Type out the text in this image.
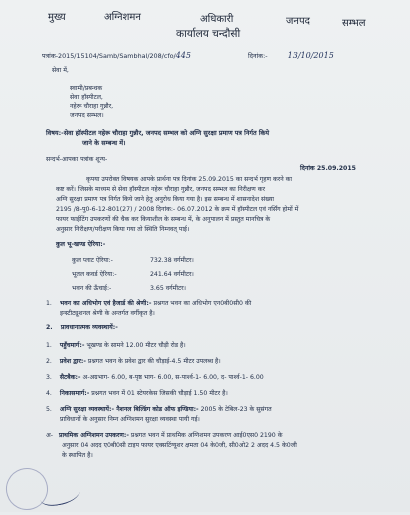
मुख्य	अग्निशमन	अधिकारी	जनपद	सम्भल
कार्यालय चन्दौसी
पत्रांक-2015/15104/Samb/Sambhal/208/cfo/445	दिनांक:-	13/10/2015
सेवा में,
स्वामी/प्रबन्धक
सेवा हॉस्पीटल,
नहेरू चौराहा गुन्नौर,
जनपद सम्भल।
विषय:-सेवा हॉस्पीटल नहेरू चौराहा गुन्नौर, जनपद सम्भल को अग्नि सुरक्षा प्रमाण पत्र निर्गत किये
जाने के सम्बन्ध में।
सन्दर्भ-आपका पत्रांक शून्य-
दिनांक 25.09.2015
कृपया उपरोक्त विषयक आपके प्रार्थना पत्र दिनांक 25.09.2015 का सन्दर्भ गृहण करने का
कष्ट करें। जिसके माध्यम से सेवा हॉस्पीटल नहेरू चौराहा गुन्नौर, जनपद सम्भल का निरीक्षण कर
अग्नि सुरक्षा प्रमाण पत्र निर्गत किये जाने हेतु अनुरोध किया गया है। इस सम्बन्ध में शासनादेश संख्या
2195 /8-पु0-6-12-801(27) / 2008 दिनांक:- 06.07.2012 के क्रम में हॉस्पीटल एवं नर्सिंग होमों में
फायर फाईटिंग उपकरणों की चैक कर कियाशील के सम्बन्ध में, के अनुपालन में प्रस्तुत मानचित्र के
अनुसार निरीक्षण/परीक्षण किया गया तो स्थिति निम्नवत् पाई।
कुल भू-खण्ड ऐरिया:-
कुल प्लाट ऐरिया:-	732.38 वर्गमीटर।
भूतल कवर्ड ऐरिया:-	241.64 वर्गमीटर।
भवन की ऊँचाई:-	3.65 वर्गमीटर।
1. भवन का अधिभोग एवं हैजार्ड की श्रेणी:- प्रश्नगत भवन का अधिभोग एन0बी0सी0 की
इन्स्टीट्यूशनल श्रेणी के अन्तर्गत वर्गीकृत है।
2. प्रावधानात्मक व्यवस्थायें:-
1. पहुँचमार्ग:- भूखण्ड के सामने 12.00 मीटर चौड़ी रोड है।
2. प्रवेश द्वार:- प्रश्नगत भवन के प्रवेश द्वार की चौड़ाई-4.5 मीटर उपलब्ध है।
3. सैटबैक:- अ-अग्रभाग- 6.00, ब-पृष्ठ भाग- 6.00, स-पार्श्व-1- 6.00, द- पार्श्व-1- 6.00
4. निकासमार्ग:- प्रश्नगत भवन में 01 स्टेयरकेस जिसकी चौड़ाई 1.50 मीटर है।
5. अग्नि सुरक्षा व्यवस्थायें:- नैशनल बिल्डिंग कोड ऑफ इण्डिया:- 2005 के टेबिल-23 के सुसंगत
प्राविधानों के अनुसार निम्न अग्निशमन सुरक्षा व्यवस्था पायी गई।
अ- प्राथमिक अग्निशमन उपकरण:- प्रश्नगत भवन में प्राथमिक अग्निशमन उपकरण आई0एस0 2190 के
अनुसार 04 अदद ए0बी0सी टाइप फायर एक्सटिंग्यूशर क्षमता 04 के0जी, सी0ओ2 2 अदद 4.5 के0जी
के स्थापित है।
